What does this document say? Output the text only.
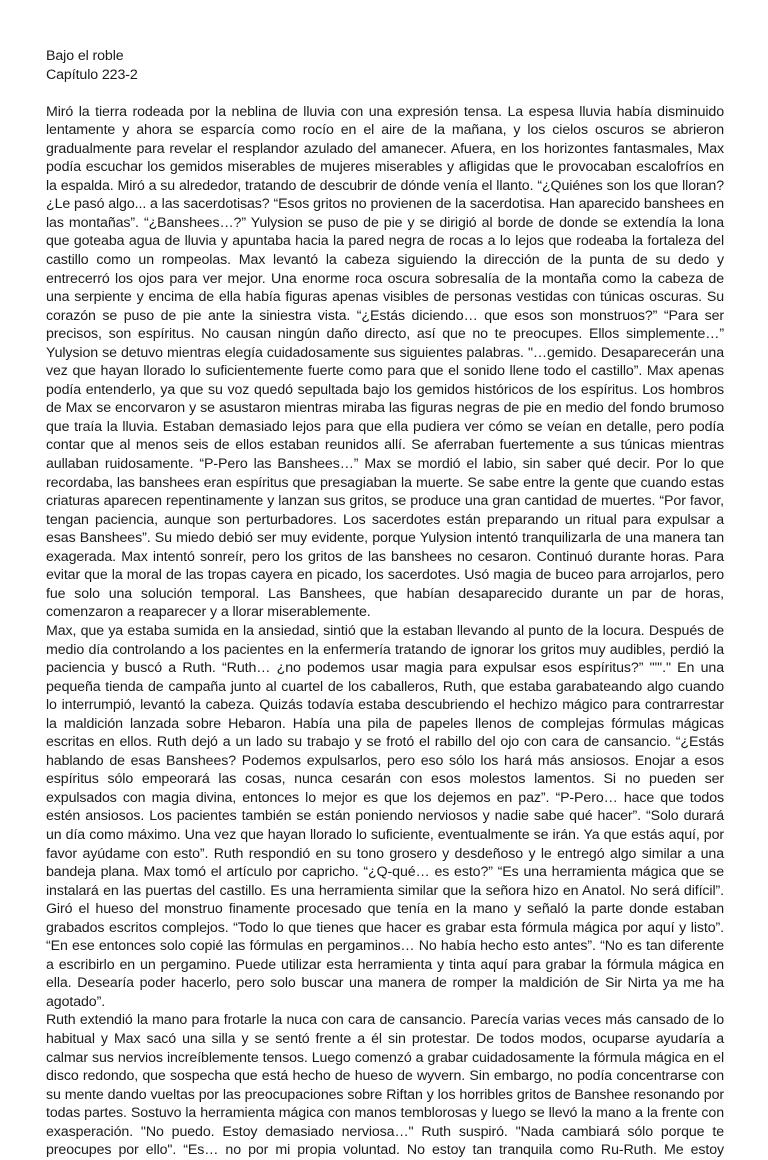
Bajo el roble
Capítulo 223-2

Miró la tierra rodeada por la neblina de lluvia con una expresión tensa. La espesa lluvia había disminuido lentamente y ahora se esparcía como rocío en el aire de la mañana, y los cielos oscuros se abrieron gradualmente para revelar el resplandor azulado del amanecer. Afuera, en los horizontes fantasmales, Max podía escuchar los gemidos miserables de mujeres miserables y afligidas que le provocaban escalofríos en la espalda. Miró a su alrededor, tratando de descubrir de dónde venía el llanto. “¿Quiénes son los que lloran? ¿Le pasó algo... a las sacerdotisas? “Esos gritos no provienen de la sacerdotisa. Han aparecido banshees en las montañas”. “¿Banshees…?” Yulysion se puso de pie y se dirigió al borde de donde se extendía la lona que goteaba agua de lluvia y apuntaba hacia la pared negra de rocas a lo lejos que rodeaba la fortaleza del castillo como un rompeolas. Max levantó la cabeza siguiendo la dirección de la punta de su dedo y entrecerró los ojos para ver mejor. Una enorme roca oscura sobresalía de la montaña como la cabeza de una serpiente y encima de ella había figuras apenas visibles de personas vestidas con túnicas oscuras. Su corazón se puso de pie ante la siniestra vista. “¿Estás diciendo… que esos son monstruos?” “Para ser precisos, son espíritus. No causan ningún daño directo, así que no te preocupes. Ellos simplemente…” Yulysion se detuvo mientras elegía cuidadosamente sus siguientes palabras. "…gemido. Desaparecerán una vez que hayan llorado lo suficientemente fuerte como para que el sonido llene todo el castillo”. Max apenas podía entenderlo, ya que su voz quedó sepultada bajo los gemidos históricos de los espíritus. Los hombros de Max se encorvaron y se asustaron mientras miraba las figuras negras de pie en medio del fondo brumoso que traía la lluvia. Estaban demasiado lejos para que ella pudiera ver cómo se veían en detalle, pero podía contar que al menos seis de ellos estaban reunidos allí. Se aferraban fuertemente a sus túnicas mientras aullaban ruidosamente. “P-Pero las Banshees…” Max se mordió el labio, sin saber qué decir. Por lo que recordaba, las banshees eran espíritus que presagiaban la muerte. Se sabe entre la gente que cuando estas criaturas aparecen repentinamente y lanzan sus gritos, se produce una gran cantidad de muertes. “Por favor, tengan paciencia, aunque son perturbadores. Los sacerdotes están preparando un ritual para expulsar a esas Banshees”. Su miedo debió ser muy evidente, porque Yulysion intentó tranquilizarla de una manera tan exagerada. Max intentó sonreír, pero los gritos de las banshees no cesaron. Continuó durante horas. Para evitar que la moral de las tropas cayera en picado, los sacerdotes. Usó magia de buceo para arrojarlos, pero fue solo una solución temporal. Las Banshees, que habían desaparecido durante un par de horas, comenzaron a reaparecer y a llorar miserablemente.

Max, que ya estaba sumida en la ansiedad, sintió que la estaban llevando al punto de la locura. Después de medio día controlando a los pacientes en la enfermería tratando de ignorar los gritos muy audibles, perdió la paciencia y buscó a Ruth. “Ruth… ¿no podemos usar magia para expulsar esos espíritus?” ""'." En una pequeña tienda de campaña junto al cuartel de los caballeros, Ruth, que estaba garabateando algo cuando lo interrumpió, levantó la cabeza. Quizás todavía estaba descubriendo el hechizo mágico para contrarrestar la maldición lanzada sobre Hebaron. Había una pila de papeles llenos de complejas fórmulas mágicas escritas en ellos. Ruth dejó a un lado su trabajo y se frotó el rabillo del ojo con cara de cansancio. “¿Estás hablando de esas Banshees? Podemos expulsarlos, pero eso sólo los hará más ansiosos. Enojar a esos espíritus sólo empeorará las cosas, nunca cesarán con esos molestos lamentos. Si no pueden ser expulsados con magia divina, entonces lo mejor es que los dejemos en paz”. “P-Pero… hace que todos estén ansiosos. Los pacientes también se están poniendo nerviosos y nadie sabe qué hacer”. “Solo durará un día como máximo. Una vez que hayan llorado lo suficiente, eventualmente se irán. Ya que estás aquí, por favor ayúdame con esto”. Ruth respondió en su tono grosero y desdeñoso y le entregó algo similar a una bandeja plana. Max tomó el artículo por capricho. “¿Q-qué… es esto?” “Es una herramienta mágica que se instalará en las puertas del castillo. Es una herramienta similar que la señora hizo en Anatol. No será difícil”. Giró el hueso del monstruo finamente procesado que tenía en la mano y señaló la parte donde estaban grabados escritos complejos. “Todo lo que tienes que hacer es grabar esta fórmula mágica por aquí y listo”. “En ese entonces solo copié las fórmulas en pergaminos… No había hecho esto antes”. “No es tan diferente a escribirlo en un pergamino. Puede utilizar esta herramienta y tinta aquí para grabar la fórmula mágica en ella. Desearía poder hacerlo, pero solo buscar una manera de romper la maldición de Sir Nirta ya me ha agotado”.

Ruth extendió la mano para frotarle la nuca con cara de cansancio. Parecía varias veces más cansado de lo habitual y Max sacó una silla y se sentó frente a él sin protestar. De todos modos, ocuparse ayudaría a calmar sus nervios increíblemente tensos. Luego comenzó a grabar cuidadosamente la fórmula mágica en el disco redondo, que sospecha que está hecho de hueso de wyvern. Sin embargo, no podía concentrarse con su mente dando vueltas por las preocupaciones sobre Riftan y los horribles gritos de Banshee resonando por todas partes. Sostuvo la herramienta mágica con manos temblorosas y luego se llevó la mano a la frente con exasperación. "No puedo. Estoy demasiado nerviosa…" Ruth suspiró. "Nada cambiará sólo porque te preocupes por ello". “Es… no por mi propia voluntad. No estoy tan tranquila como Ru-Ruth. Me estoy
